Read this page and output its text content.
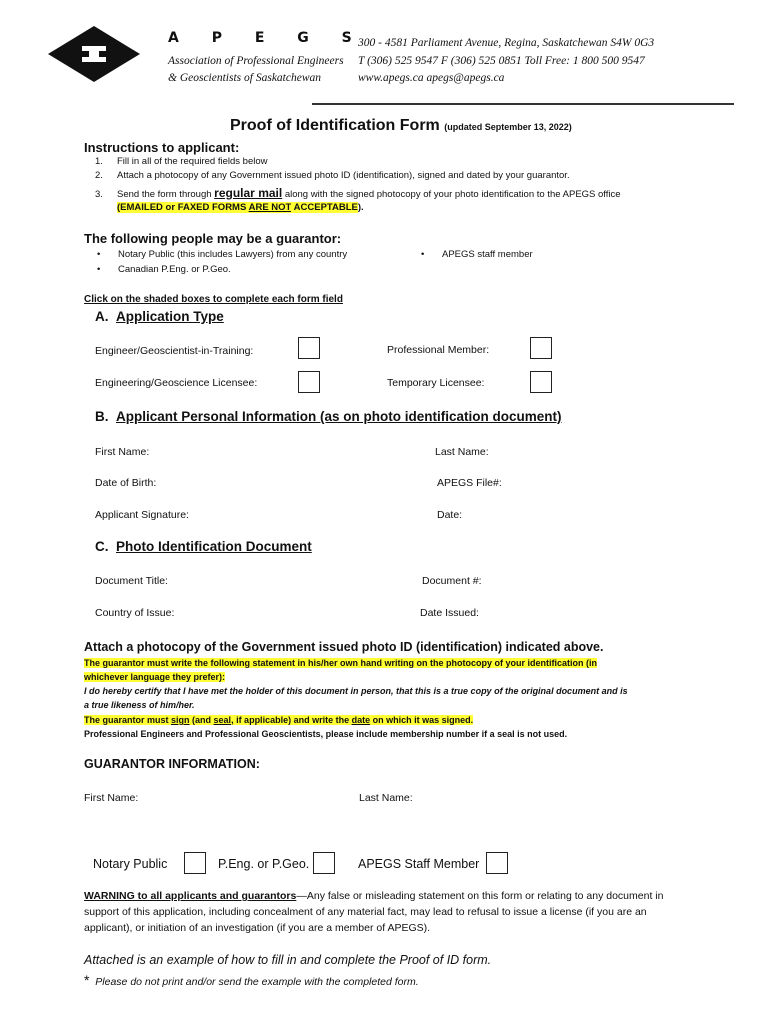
A P E G S
Association of Professional Engineers
& Geoscientists of Saskatchewan
300 - 4581 Parliament Avenue, Regina, Saskatchewan S4W 0G3
T (306) 525 9547 F (306) 525 0851 Toll Free: 1 800 500 9547
www.apegs.ca apegs@apegs.ca
Proof of Identification Form (updated September 13, 2022)
Instructions to applicant:
1. Fill in all of the required fields below
2. Attach a photocopy of any Government issued photo ID (identification), signed and dated by your guarantor.
3. Send the form through regular mail along with the signed photocopy of your photo identification to the APEGS office
(EMAILED or FAXED FORMS ARE NOT ACCEPTABLE).
The following people may be a guarantor:
• Notary Public (this includes Lawyers) from any country
• Canadian P.Eng. or P.Geo.
• APEGS staff member
Click on the shaded boxes to complete each form field
A. Application Type
Engineer/Geoscientist-in-Training:	Professional Member:
Engineering/Geoscience Licensee:	Temporary Licensee:
B. Applicant Personal Information (as on photo identification document)
First Name:	Last Name:
Date of Birth:	APEGS File#:
Applicant Signature:	Date:
C. Photo Identification Document
Document Title:	Document #:
Country of Issue:	Date Issued:
Attach a photocopy of the Government issued photo ID (identification) indicated above.
The guarantor must write the following statement in his/her own hand writing on the photocopy of your identification (in
whichever language they prefer):
I do hereby certify that I have met the holder of this document in person, that this is a true copy of the original document and is
a true likeness of him/her.
The guarantor must sign (and seal, if applicable) and write the date on which it was signed.
Professional Engineers and Professional Geoscientists, please include membership number if a seal is not used.
GUARANTOR INFORMATION:
First Name:	Last Name:
Notary Public	P.Eng. or P.Geo.	APEGS Staff Member
WARNING to all applicants and guarantors—Any false or misleading statement on this form or relating to any document in support of this application, including concealment of any material fact, may lead to refusal to issue a license (if you are an applicant), or initiation of an investigation (if you are a member of APEGS).
Attached is an example of how to fill in and complete the Proof of ID form.
* Please do not print and/or send the example with the completed form.
